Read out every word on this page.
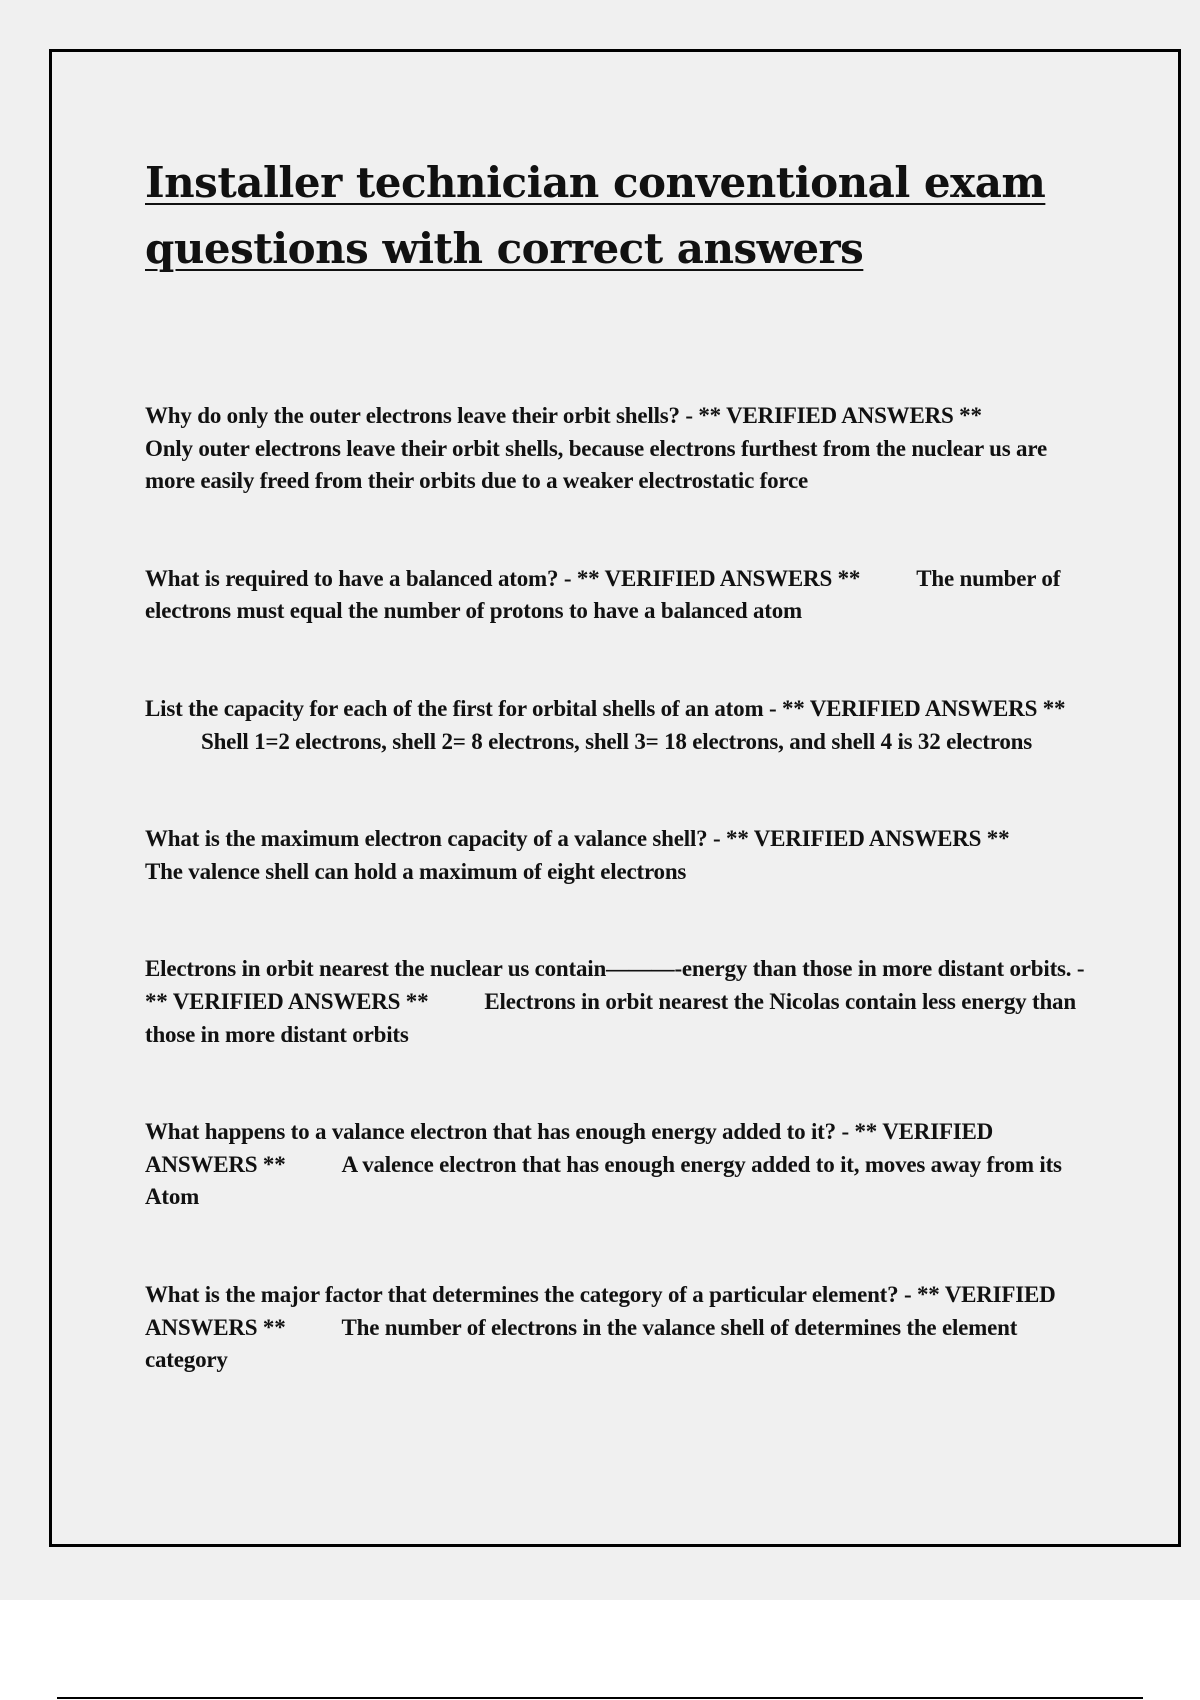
Installer technician conventional exam questions with correct answers

Why do only the outer electrons leave their orbit shells? - ** VERIFIED ANSWERS **Only outer electrons leave their orbit shells, because electrons furthest from the nuclear us are more easily freed from their orbits due to a weaker electrostatic force

What is required to have a balanced atom? - ** VERIFIED ANSWERS ** The number of electrons must equal the number of protons to have a balanced atom

List the capacity for each of the first for orbital shells of an atom - ** VERIFIED ANSWERS **Shell 1=2 electrons, shell 2= 8 electrons, shell 3= 18 electrons, and shell 4 is 32 electrons

What is the maximum electron capacity of a valance shell? - ** VERIFIED ANSWERS **The valence shell can hold a maximum of eight electrons

Electrons in orbit nearest the nuclear us contain———-energy than those in more distant orbits. - ** VERIFIED ANSWERS ** Electrons in orbit nearest the Nicolas contain less energy than those in more distant orbits

What happens to a valance electron that has enough energy added to it? - ** VERIFIED ANSWERS ** A valence electron that has enough energy added to it, moves away from its Atom

What is the major factor that determines the category of a particular element? - ** VERIFIED ANSWERS ** The number of electrons in the valance shell of determines the element category
